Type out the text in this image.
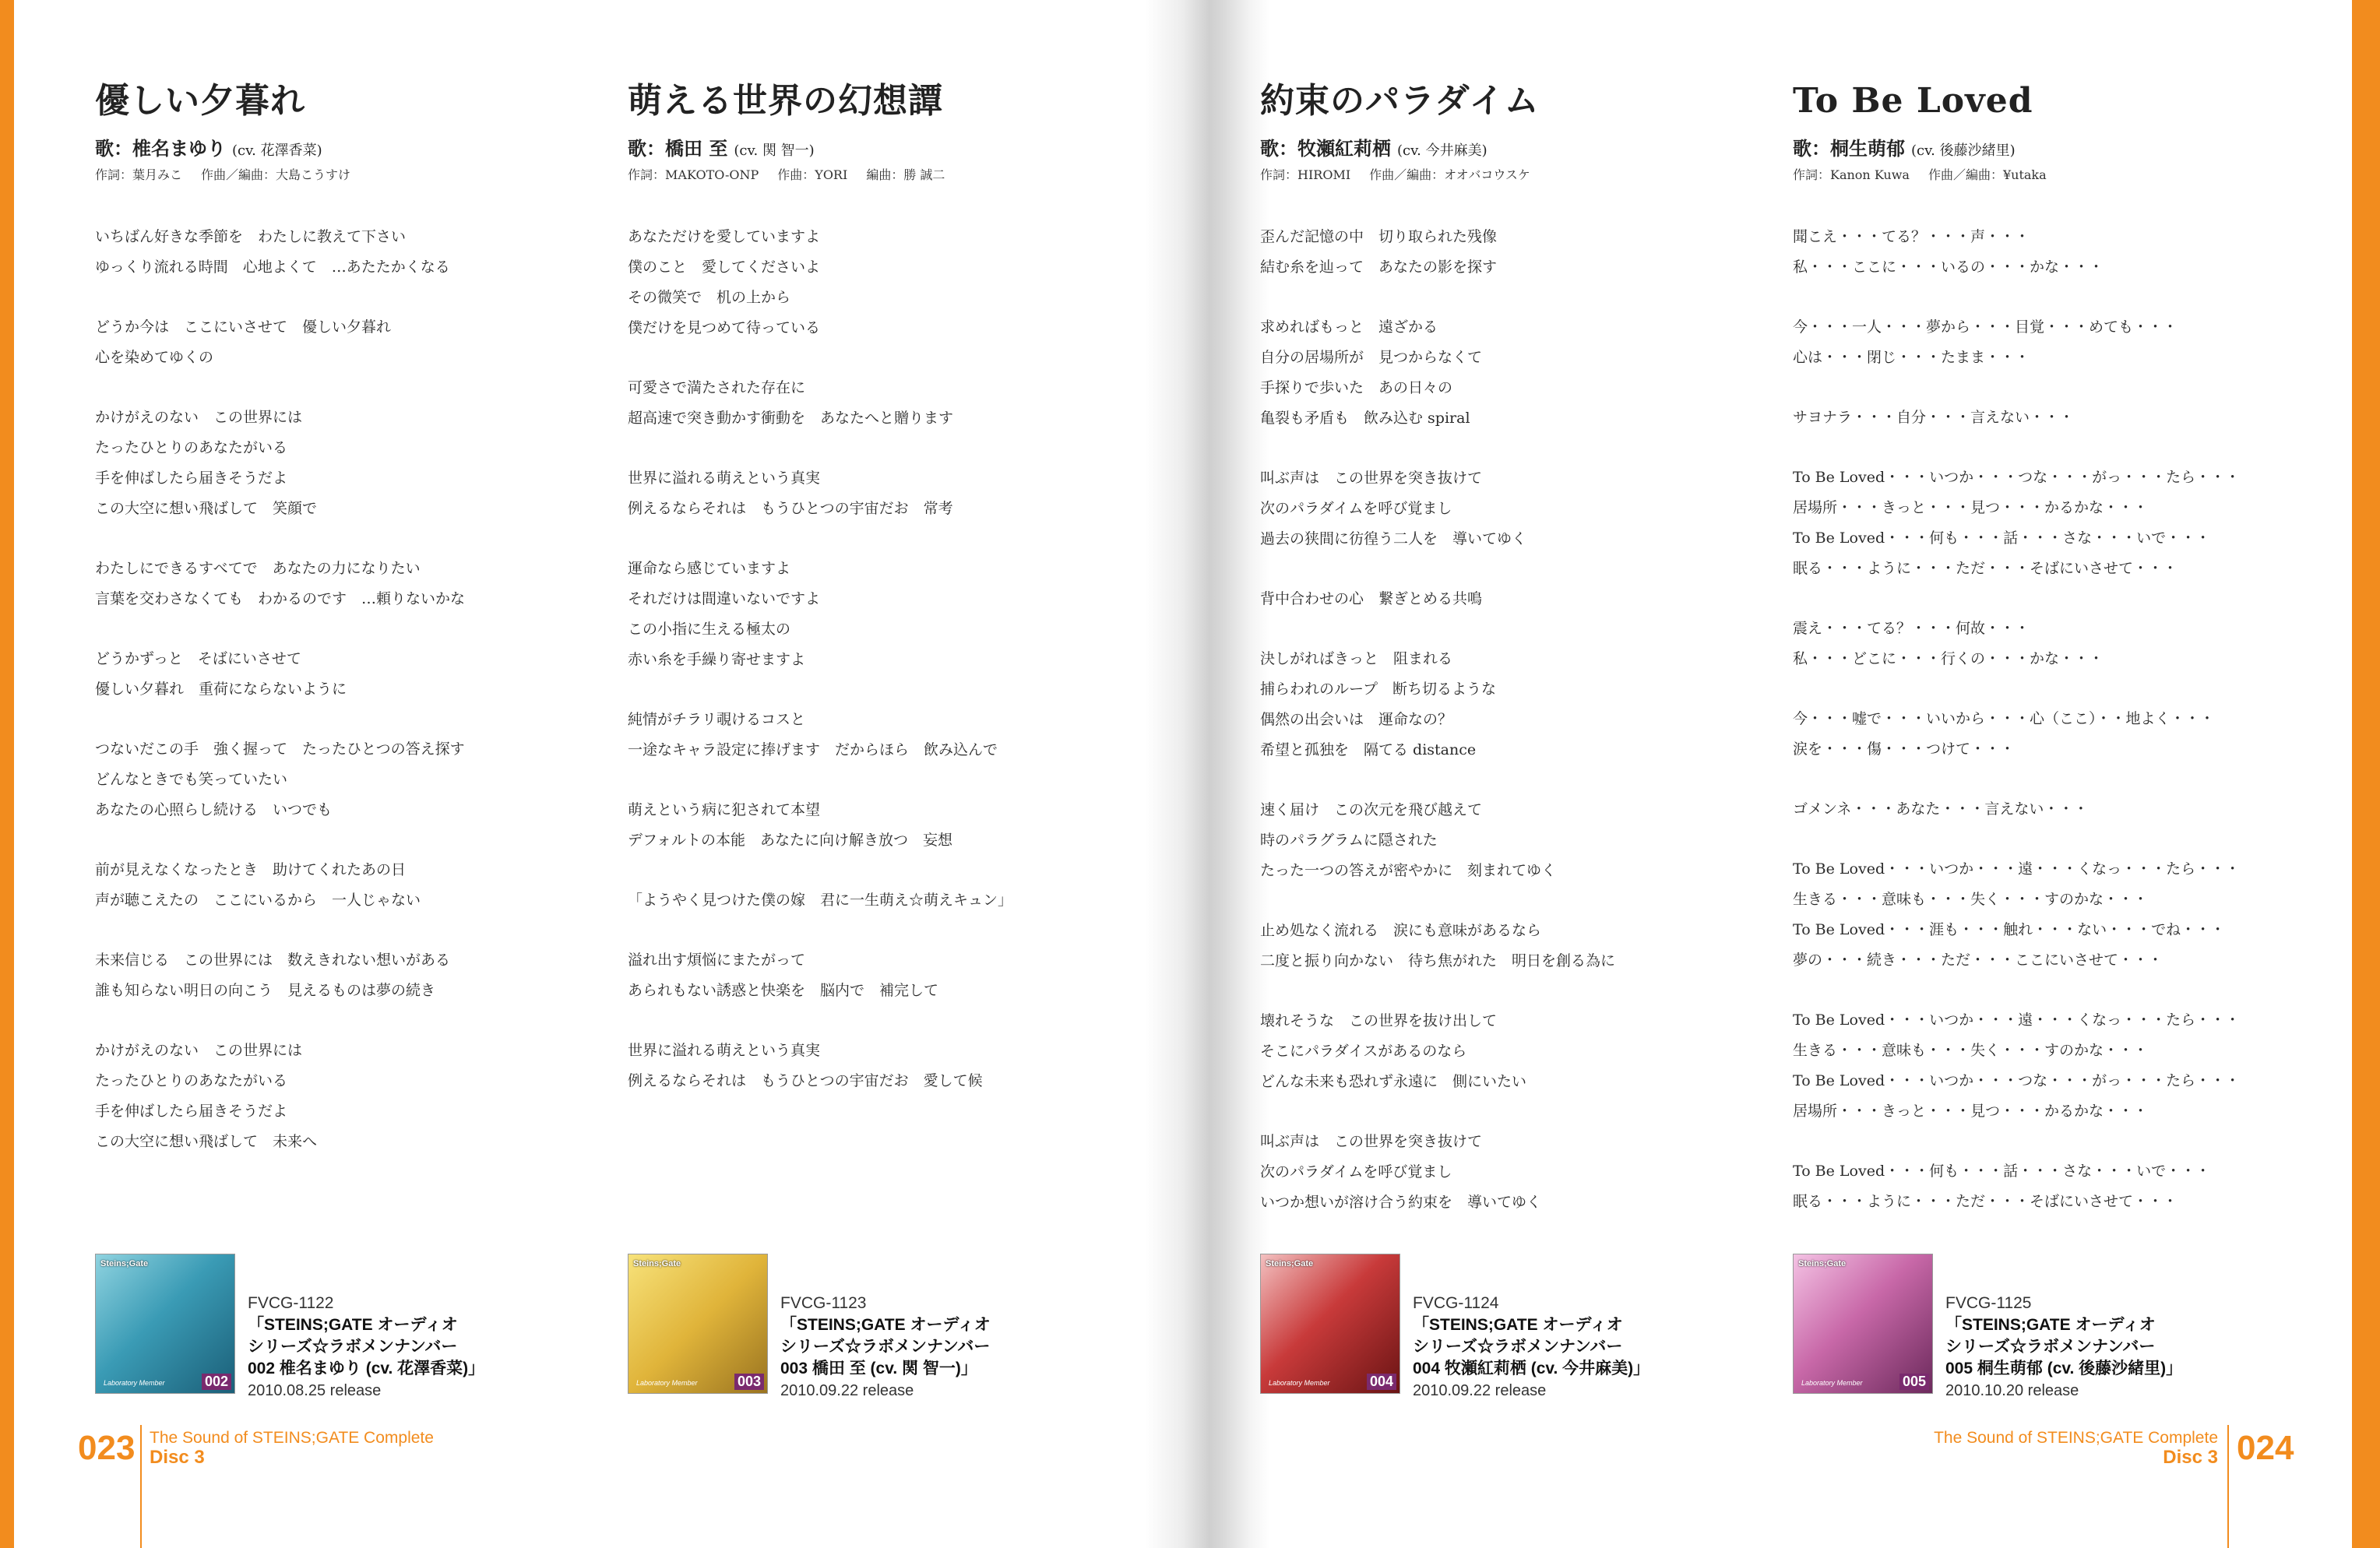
優しい夕暮れ
歌：椎名まゆり (cv. 花澤香菜)
作詞：葉月みこ 作曲／編曲：大島こうすけ
いちばん好きな季節を　わたしに教えて下さい
ゆっくり流れる時間　心地よくて　…あたたかくなる
どうか今は　ここにいさせて　優しい夕暮れ
心を染めてゆくの
かけがえのない　この世界には
たったひとりのあなたがいる
手を伸ばしたら届きそうだよ
この大空に想い飛ばして　笑顔で
わたしにできるすべてで　あなたの力になりたい
言葉を交わさなくても　わかるのです　…頼りないかな
どうかずっと　そばにいさせて
優しい夕暮れ　重荷にならないように
つないだこの手　強く握って　たったひとつの答え探す
どんなときでも笑っていたい
あなたの心照らし続ける　いつでも
前が見えなくなったとき　助けてくれたあの日
声が聴こえたの　ここにいるから　一人じゃない
未来信じる　この世界には　数えきれない想いがある
誰も知らない明日の向こう　見えるものは夢の続き
かけがえのない　この世界には
たったひとりのあなたがいる
手を伸ばしたら届きそうだよ
この大空に想い飛ばして　未来へ
萌える世界の幻想譚
歌：橋田 至 (cv. 関 智一)
作詞：MAKOTO-ONP 作曲：YORI 編曲：勝 誠二
あなただけを愛していますよ
僕のこと　愛してくださいよ
その微笑で　机の上から
僕だけを見つめて待っている
可愛さで満たされた存在に
超高速で突き動かす衝動を　あなたへと贈ります
世界に溢れる萌えという真実
例えるならそれは　もうひとつの宇宙だお　常考
運命なら感じていますよ
それだけは間違いないですよ
この小指に生える極太の
赤い糸を手繰り寄せますよ
純情がチラリ覗けるコスと
一途なキャラ設定に捧げます　だからほら　飲み込んで
萌えという病に犯されて本望
デフォルトの本能　あなたに向け解き放つ　妄想
「ようやく見つけた僕の嫁　君に一生萌え☆萌えキュン」
溢れ出す煩悩にまたがって
あられもない誘惑と快楽を　脳内で　補完して
世界に溢れる萌えという真実
例えるならそれは　もうひとつの宇宙だお　愛して候
約束のパラダイム
歌：牧瀬紅莉栖 (cv. 今井麻美)
作詞：HIROMI 作曲／編曲：オオバコウスケ
歪んだ記憶の中　切り取られた残像
結む糸を辿って　あなたの影を探す
求めればもっと　遠ざかる
自分の居場所が　見つからなくて
手探りで歩いた　あの日々の
亀裂も矛盾も　飲み込む spiral
叫ぶ声は　この世界を突き抜けて
次のパラダイムを呼び覚まし
過去の狭間に彷徨う二人を　導いてゆく
背中合わせの心　繋ぎとめる共鳴
決しがればきっと　阻まれる
捕らわれのループ　断ち切るような
偶然の出会いは　運命なの？
希望と孤独を　隔てる distance
速く届け　この次元を飛び越えて
時のパラグラムに隠された
たった一つの答えが密やかに　刻まれてゆく
止め処なく流れる　涙にも意味があるなら
二度と振り向かない　待ち焦がれた　明日を創る為に
壊れそうな　この世界を抜け出して
そこにパラダイスがあるのなら
どんな未来も恐れず永遠に　側にいたい
叫ぶ声は　この世界を突き抜けて
次のパラダイムを呼び覚まし
いつか想いが溶け合う約束を　導いてゆく
To Be Loved
歌：桐生萌郁 (cv. 後藤沙緒里)
作詞：Kanon Kuwa 作曲／編曲：¥utaka
聞こえ・・・てる？・・・声・・・
私・・・ここに・・・いるの・・・かな・・・
今・・・一人・・・夢から・・・目覚・・・めても・・・
心は・・・閉じ・・・たまま・・・
サヨナラ・・・自分・・・言えない・・・
To Be Loved・・・いつか・・・つな・・・がっ・・・たら・・・
居場所・・・きっと・・・見つ・・・かるかな・・・
To Be Loved・・・何も・・・話・・・さな・・・いで・・・
眠る・・・ように・・・ただ・・・そばにいさせて・・・
震え・・・てる？・・・何故・・・
私・・・どこに・・・行くの・・・かな・・・
今・・・嘘で・・・いいから・・・心（ここ）・・地よく・・・
涙を・・・傷・・・つけて・・・
ゴメンネ・・・あなた・・・言えない・・・
To Be Loved・・・いつか・・・遠・・・くなっ・・・たら・・・
生きる・・・意味も・・・失く・・・すのかな・・・
To Be Loved・・・涯も・・・触れ・・・ない・・・でね・・・
夢の・・・続き・・・ただ・・・ここにいさせて・・・
To Be Loved・・・いつか・・・遠・・・くなっ・・・たら・・・
生きる・・・意味も・・・失く・・・すのかな・・・
To Be Loved・・・いつか・・・つな・・・がっ・・・たら・・・
居場所・・・きっと・・・見つ・・・かるかな・・・
To Be Loved・・・何も・・・話・・・さな・・・いで・・・
眠る・・・ように・・・ただ・・・そばにいさせて・・・
Steins;Gate
Laboratory Member	002
FVCG-1122
「STEINS;GATE オーディオ
シリーズ☆ラボメンナンバー
002 椎名まゆり (cv. 花澤香菜)」
2010.08.25 release
Steins;Gate
Laboratory Member	003
FVCG-1123
「STEINS;GATE オーディオ
シリーズ☆ラボメンナンバー
003 橋田 至 (cv. 関 智一)」
2010.09.22 release
Steins;Gate
Laboratory Member	004
FVCG-1124
「STEINS;GATE オーディオ
シリーズ☆ラボメンナンバー
004 牧瀬紅莉栖 (cv. 今井麻美)」
2010.09.22 release
Steins;Gate
Laboratory Member	005
FVCG-1125
「STEINS;GATE オーディオ
シリーズ☆ラボメンナンバー
005 桐生萌郁 (cv. 後藤沙緒里)」
2010.10.20 release
023 The Sound of STEINS;GATE Complete
Disc 3
The Sound of STEINS;GATE Complete
Disc 3 024
